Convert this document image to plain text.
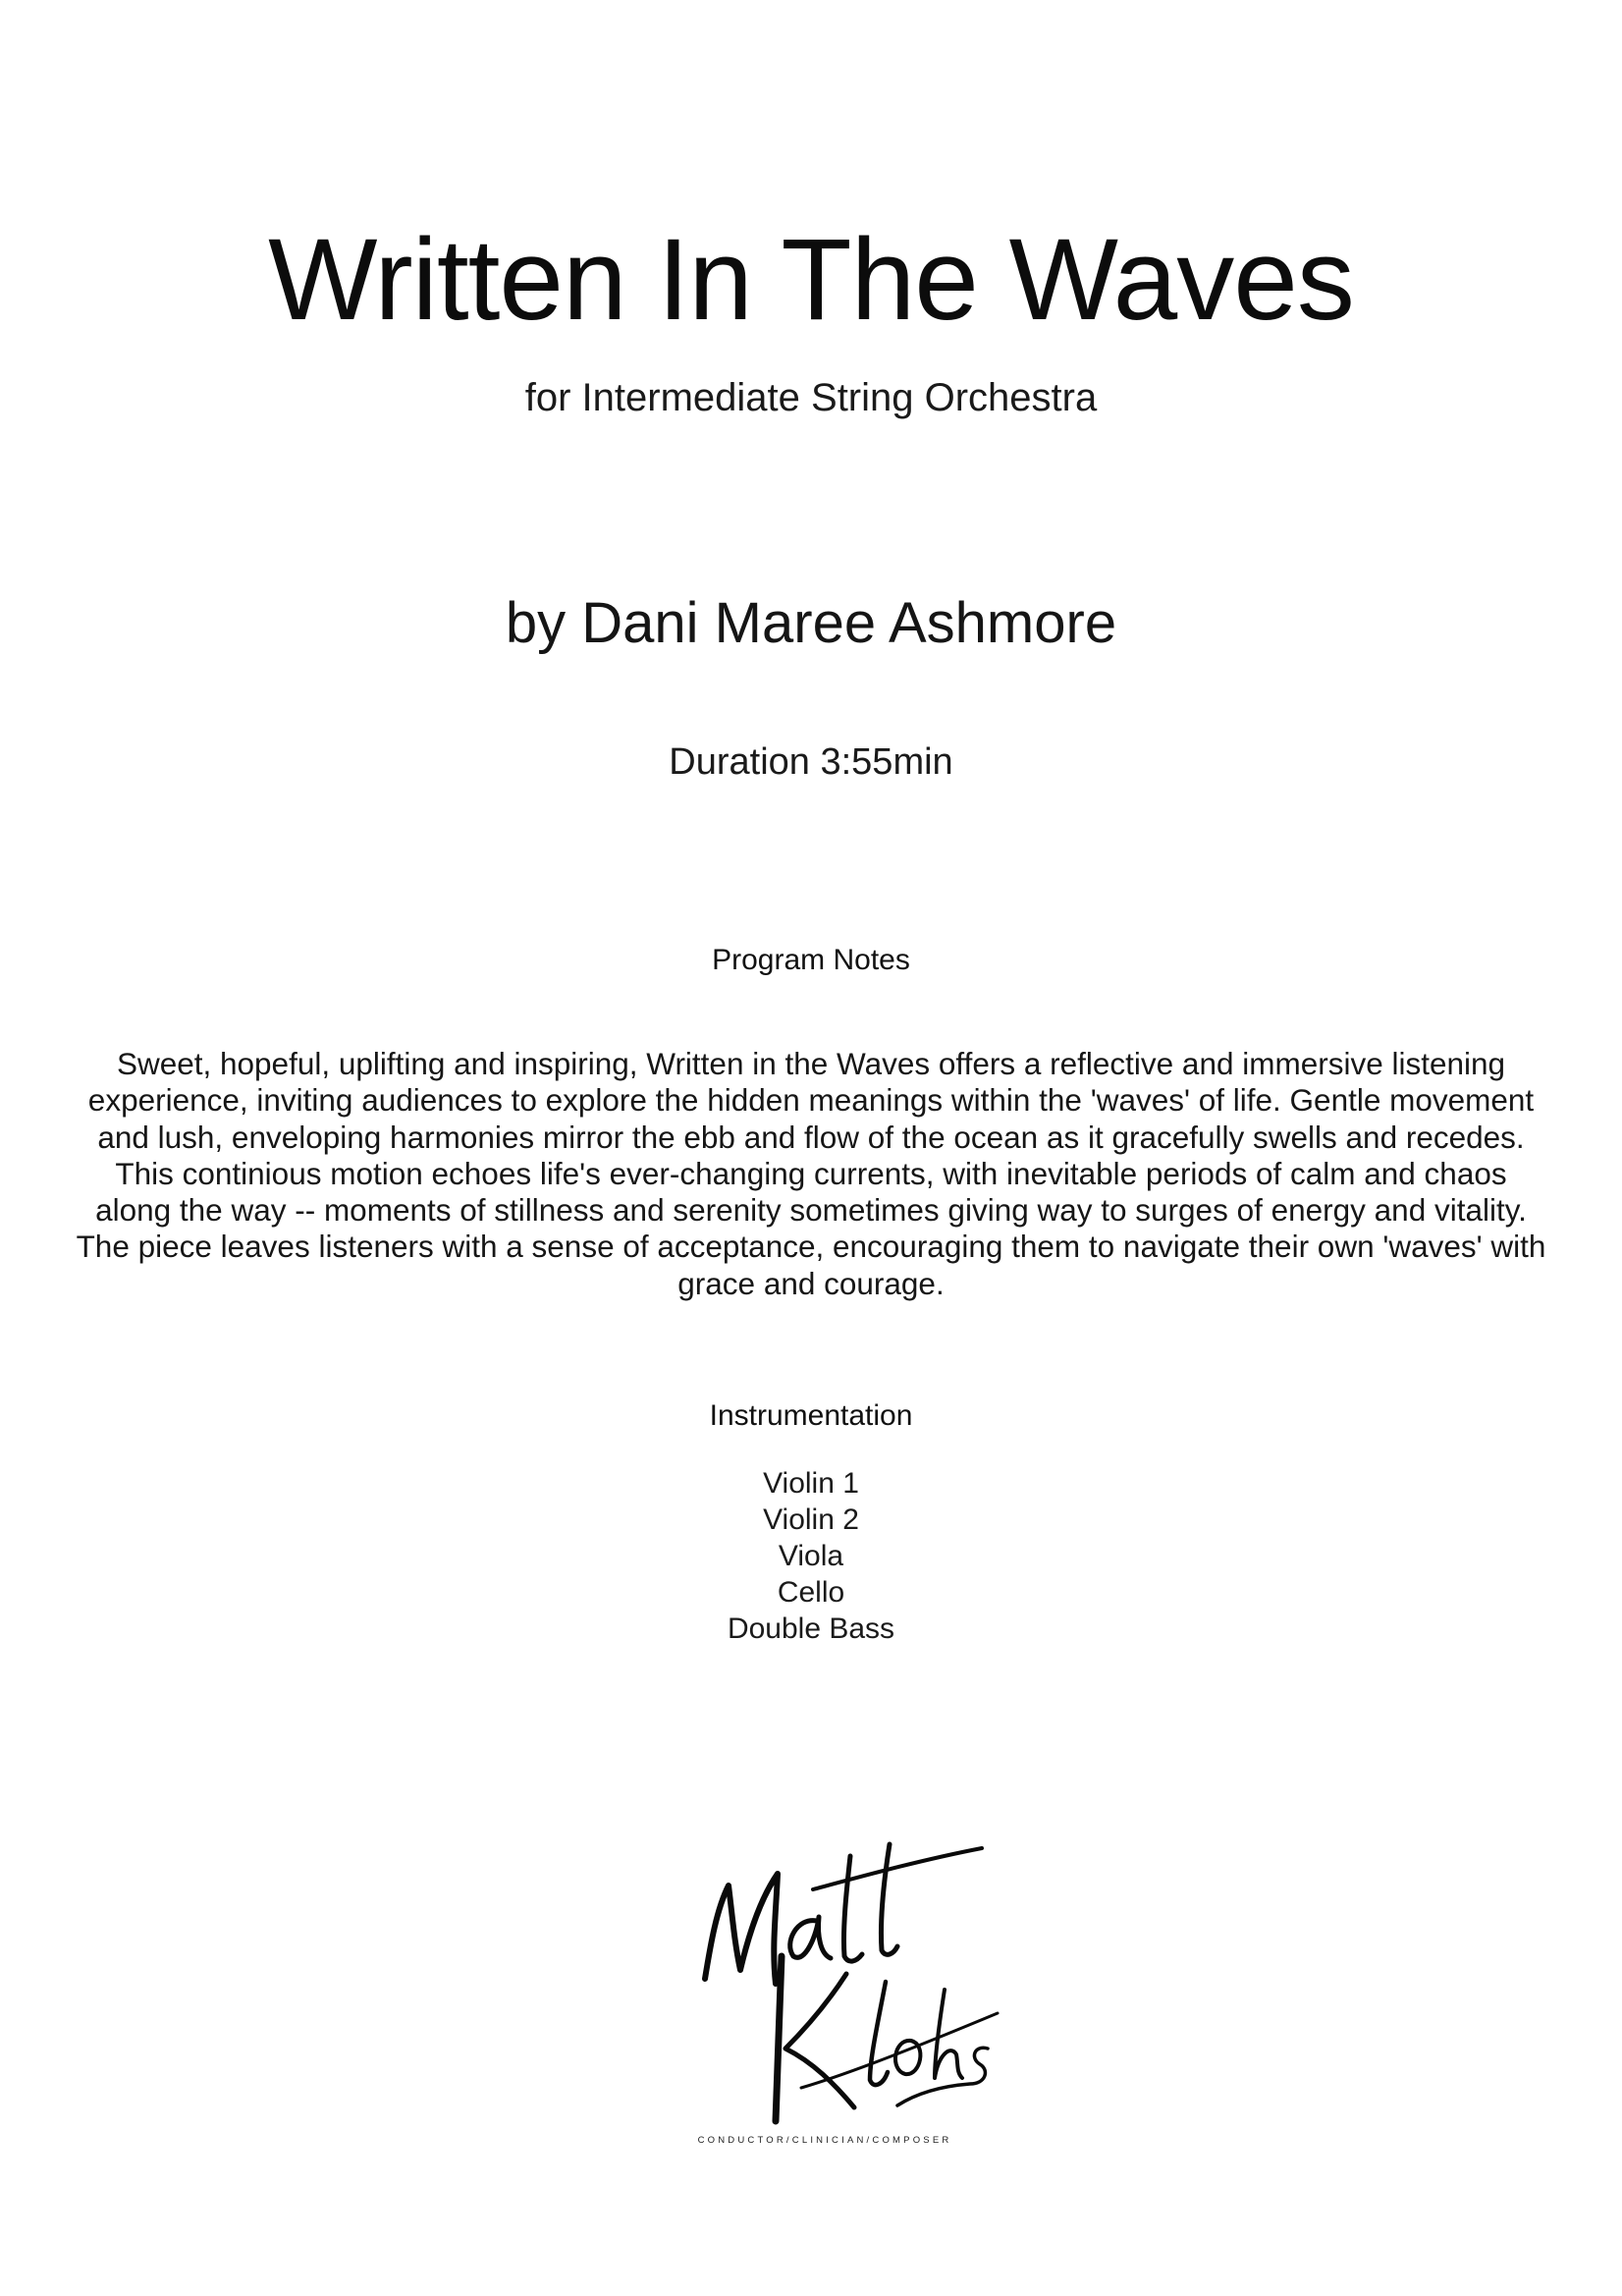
Written In The Waves
for Intermediate String Orchestra
by Dani Maree Ashmore
Duration 3:55min
Program Notes
Sweet, hopeful, uplifting and inspiring, Written in the Waves offers a reflective and immersive listening
experience, inviting audiences to explore the hidden meanings within the 'waves' of life. Gentle movement
and lush, enveloping harmonies mirror the ebb and flow of the ocean as it gracefully swells and recedes.
This continious motion echoes life's ever-changing currents, with inevitable periods of calm and chaos
along the way -- moments of stillness and serenity sometimes giving way to surges of energy and vitality.
The piece leaves listeners with a sense of acceptance, encouraging them to navigate their own 'waves' with
grace and courage.
Instrumentation
Violin 1
Violin 2
Viola
Cello
Double Bass
CONDUCTOR/CLINICIAN/COMPOSER
